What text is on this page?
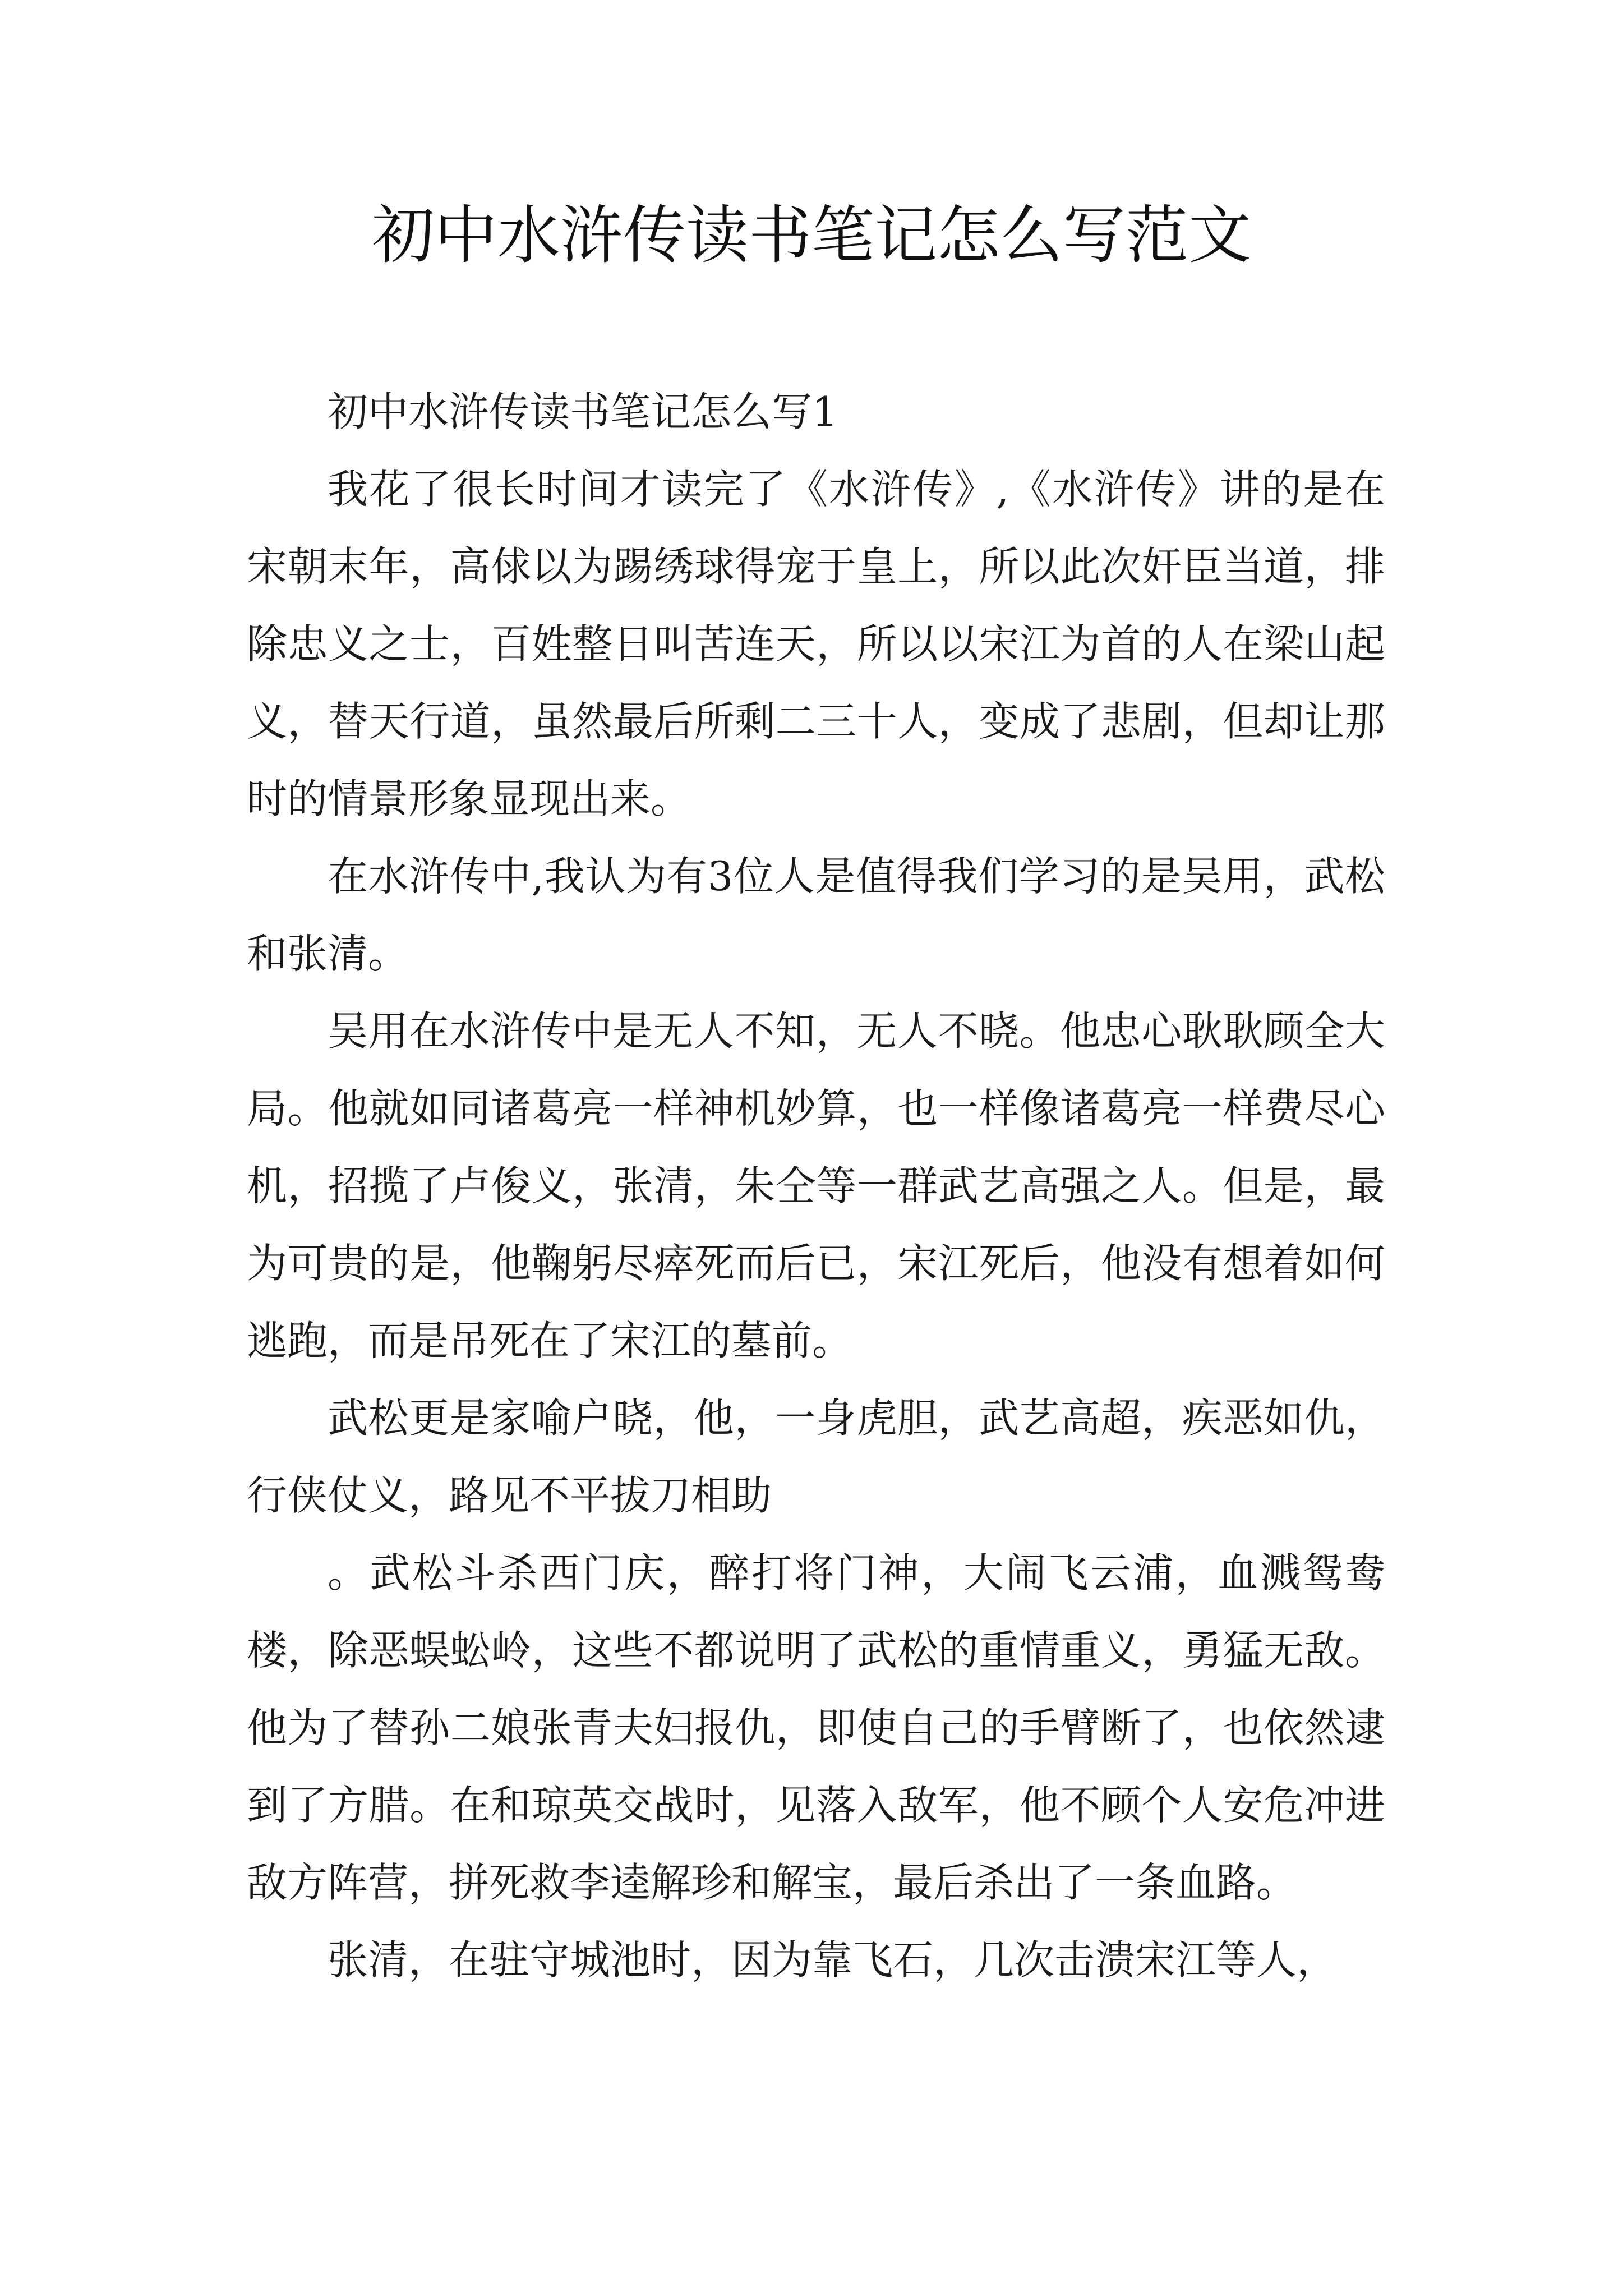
初中水浒传读书笔记怎么写范文

初中水浒传读书笔记怎么写1

我花了很长时间才读完了《水浒传》,《水浒传》讲的是在宋朝末年，高俅以为踢绣球得宠于皇上，所以此次奸臣当道，排除忠义之士，百姓整日叫苦连天，所以以宋江为首的人在梁山起义，替天行道，虽然最后所剩二三十人，变成了悲剧，但却让那时的情景形象显现出来。

在水浒传中,我认为有3位人是值得我们学习的是吴用，武松和张清。

吴用在水浒传中是无人不知，无人不晓。他忠心耿耿顾全大局。他就如同诸葛亮一样神机妙算，也一样像诸葛亮一样费尽心机，招揽了卢俊义，张清，朱仝等一群武艺高强之人。但是，最为可贵的是，他鞠躬尽瘁死而后已，宋江死后，他没有想着如何逃跑，而是吊死在了宋江的墓前。

武松更是家喻户晓，他，一身虎胆，武艺高超，疾恶如仇，行侠仗义，路见不平拔刀相助

。武松斗杀西门庆，醉打将门神，大闹飞云浦，血溅鸳鸯楼，除恶蜈蚣岭，这些不都说明了武松的重情重义，勇猛无敌。他为了替孙二娘张青夫妇报仇，即使自己的手臂断了，也依然逮到了方腊。在和琼英交战时，见落入敌军，他不顾个人安危冲进敌方阵营，拼死救李逵解珍和解宝，最后杀出了一条血路。

张清，在驻守城池时，因为靠飞石，几次击溃宋江等人，
